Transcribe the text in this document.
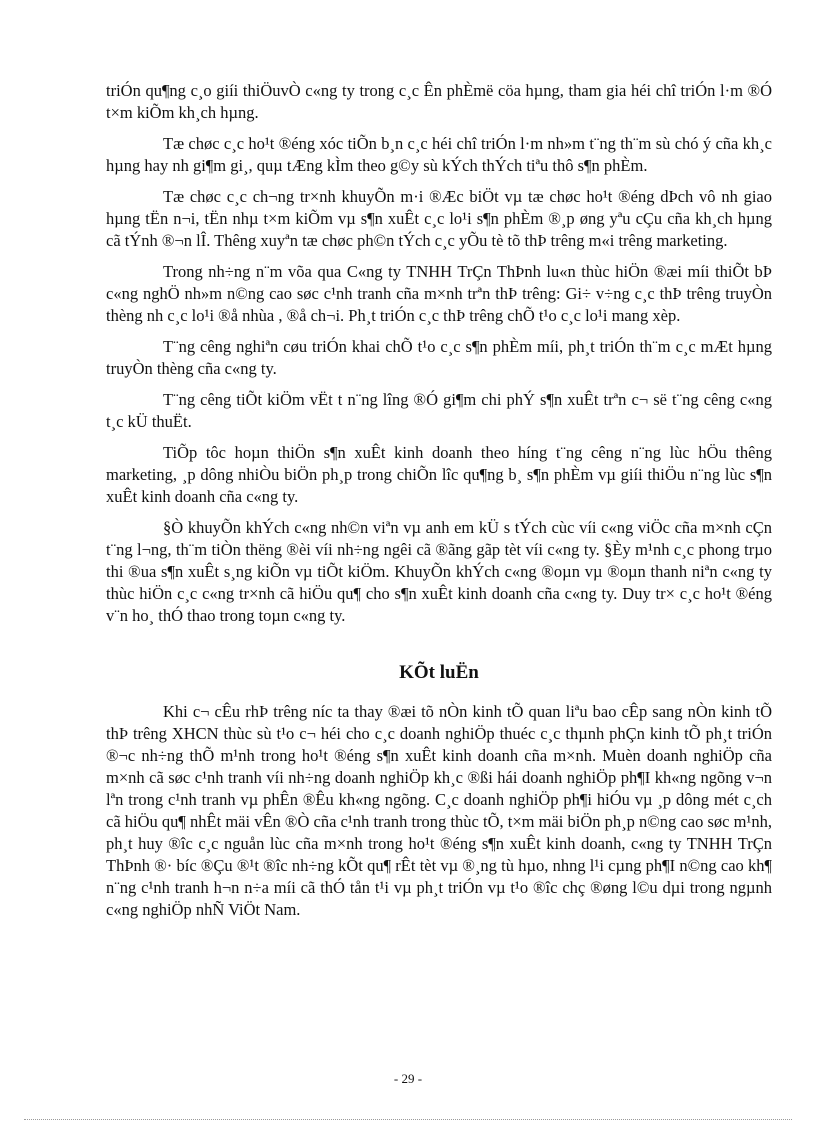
triÓn qu¶ng c¸o giíi thiÖuvÒ c«ng ty trong c¸c Ên phÈmë cöa hµng, tham gia héi chî triÓn l·m ®Ó t×m kiÕm kh¸ch hµng.

Tæ chøc c¸c ho¹t ®éng xóc tiÕn b¸n c¸c héi chî triÓn l·m nh»m t¨ng th¨m sù chó ý cña kh¸c hµng hay nh gi¶m gi¸, quµ tÆng kÌm theo g©y sù kÝch thÝch tiªu thô s¶n phÈm.

Tæ chøc c¸c ch¬ng tr×nh khuyÕn m·i ®Æc biÖt vµ tæ chøc ho¹t ®éng dÞch vô nh giao hµng tËn n¬i, tËn nhµ t×m kiÕm vµ s¶n xuÊt c¸c lo¹i s¶n phÈm ®¸p øng yªu cÇu cña kh¸ch hµng cã tÝnh ®¬n lÎ. Thêng xuyªn tæ chøc ph©n tÝch c¸c yÕu tè tõ thÞ trêng m«i trêng marketing.

Trong nh÷ng n¨m võa qua C«ng ty TNHH TrÇn ThÞnh lu«n thùc hiÖn ®æi míi thiÕt bÞ c«ng nghÖ nh»m n©ng cao søc c¹nh tranh cña m×nh trªn thÞ trêng: Gi÷ v÷ng c¸c thÞ trêng truyÒn thèng nh c¸c lo¹i ®å nhùa , ®å ch¬i. Ph¸t triÓn c¸c thÞ trêng chÕ t¹o c¸c lo¹i mang xèp.

T¨ng cêng nghiªn cøu triÓn khai chÕ t¹o c¸c s¶n phÈm míi, ph¸t triÓn th¨m c¸c mÆt hµng truyÒn thèng cña c«ng ty.

T¨ng cêng tiÕt kiÖm vËt t n¨ng lîng ®Ó gi¶m chi phÝ s¶n xuÊt trªn c¬ së t¨ng cêng c«ng t¸c kÜ thuËt.

TiÕp tôc hoµn thiÖn s¶n xuÊt kinh doanh theo híng t¨ng cêng n¨ng lùc hÖu thêng marketing, ¸p dông nhiÒu biÖn ph¸p trong chiÕn lîc qu¶ng b¸ s¶n phÈm vµ giíi thiÖu n¨ng lùc s¶n xuÊt kinh doanh cña c«ng ty.

§Ò khuyÕn khÝch c«ng nh©n viªn vµ anh em kÜ s tÝch cùc víi c«ng viÖc cña m×nh cÇn t¨ng l¬ng, th¨m tiÒn thëng ®èi víi nh÷ng ngêi cã ®ãng gãp tèt víi c«ng ty. §Èy m¹nh c¸c phong trµo thi ®ua s¶n xuÊt s¸ng kiÕn vµ tiÕt kiÖm. KhuyÕn khÝch c«ng ®oµn vµ ®oµn thanh niªn c«ng ty thùc hiÖn c¸c c«ng tr×nh cã hiÖu qu¶ cho s¶n xuÊt kinh doanh cña c«ng ty. Duy tr× c¸c ho¹t ®éng v¨n ho¸ thÓ thao trong toµn c«ng ty.

KÕt luËn

Khi c¬ cÊu rhÞ trêng níc ta thay ®æi tõ nÒn kinh tÕ quan liªu bao cÊp sang nÒn kinh tÕ thÞ trêng XHCN thùc sù t¹o c¬ héi cho c¸c doanh nghiÖp thuéc c¸c thµnh phÇn kinh tÕ ph¸t triÓn ®¬c nh÷ng thÕ m¹nh trong ho¹t ®éng s¶n xuÊt kinh doanh cña m×nh. Muèn doanh nghiÖp cña m×nh cã søc c¹nh tranh víi nh÷ng doanh nghiÖp kh¸c ®ßi hái doanh nghiÖp ph¶I kh«ng ngõng v¬n lªn trong c¹nh tranh vµ phÊn ®Êu kh«ng ngõng. C¸c doanh nghiÖp ph¶i hiÓu vµ ¸p dông mét c¸ch cã hiÖu qu¶ nhÊt mäi vÊn ®Ò cña c¹nh tranh trong thùc tÕ, t×m mäi biÖn ph¸p n©ng cao søc m¹nh, ph¸t huy ®îc c¸c nguån lùc cña m×nh trong ho¹t ®éng s¶n xuÊt kinh doanh, c«ng ty TNHH TrÇn ThÞnh ®· bíc ®Çu ®¹t ®îc nh÷ng kÕt qu¶ rÊt tèt vµ ®¸ng tù hµo, nhng l¹i cµng ph¶I n©ng cao kh¶ n¨ng c¹nh tranh h¬n n÷a míi cã thÓ tån t¹i vµ ph¸t triÓn vµ t¹o ®îc chç ®øng l©u dµi trong ngµnh c«ng nghiÖp nhÑ ViÖt Nam.

- 29 -
